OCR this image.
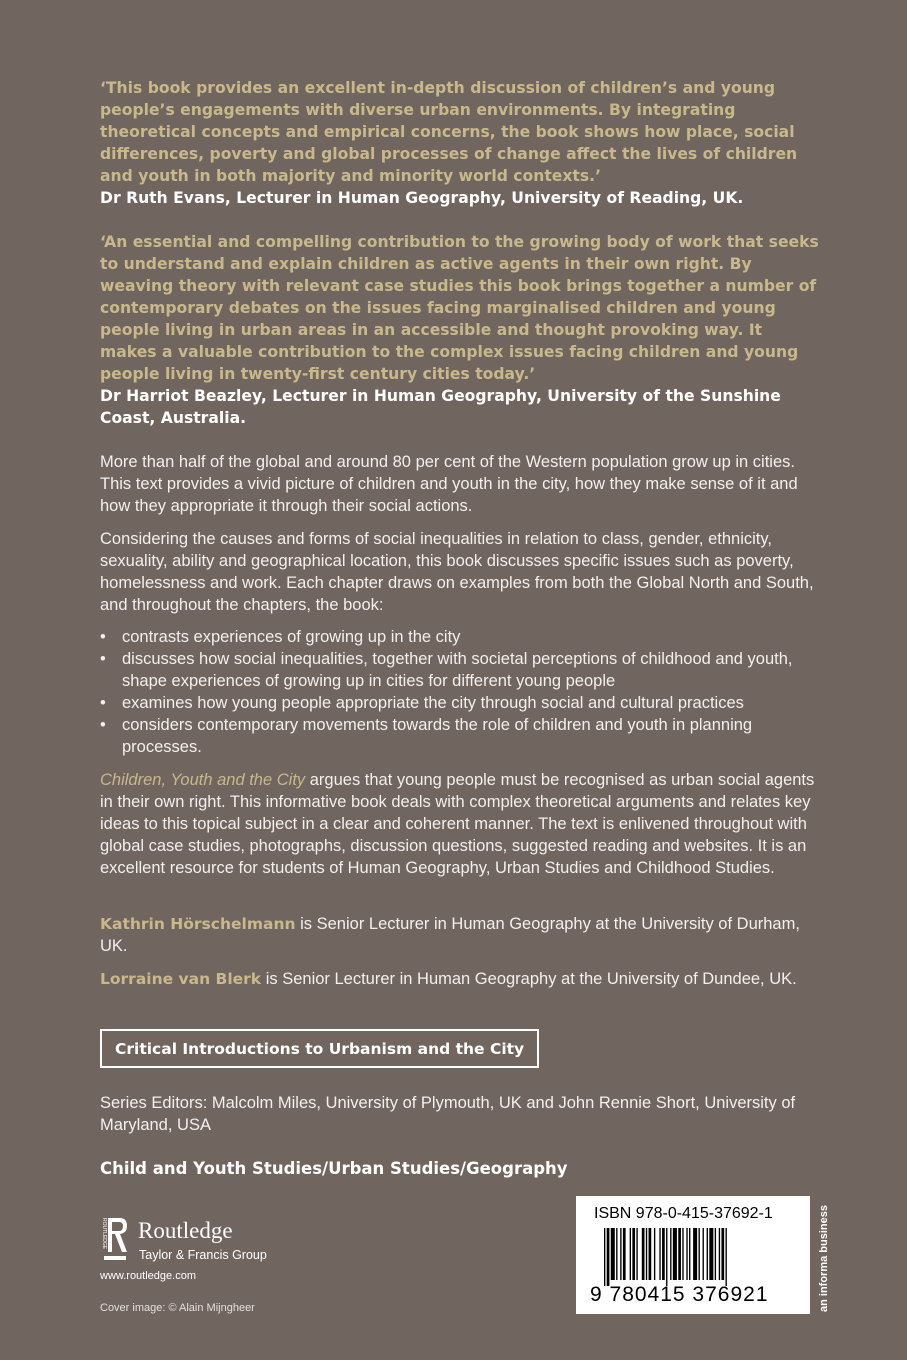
‘This book provides an excellent in-depth discussion of children’s and young people’s engagements with diverse urban environments. By integrating theoretical concepts and empirical concerns, the book shows how place, social differences, poverty and global processes of change affect the lives of children and youth in both majority and minority world contexts.’
Dr Ruth Evans, Lecturer in Human Geography, University of Reading, UK.
‘An essential and compelling contribution to the growing body of work that seeks to understand and explain children as active agents in their own right. By weaving theory with relevant case studies this book brings together a number of contemporary debates on the issues facing marginalised children and young people living in urban areas in an accessible and thought provoking way. It makes a valuable contribution to the complex issues facing children and young people living in twenty-first century cities today.’
Dr Harriot Beazley, Lecturer in Human Geography, University of the Sunshine Coast, Australia.
More than half of the global and around 80 per cent of the Western population grow up in cities. This text provides a vivid picture of children and youth in the city, how they make sense of it and how they appropriate it through their social actions.
Considering the causes and forms of social inequalities in relation to class, gender, ethnicity, sexuality, ability and geographical location, this book discusses specific issues such as poverty, homelessness and work. Each chapter draws on examples from both the Global North and South, and throughout the chapters, the book:
• contrasts experiences of growing up in the city
• discusses how social inequalities, together with societal perceptions of childhood and youth, shape experiences of growing up in cities for different young people
• examines how young people appropriate the city through social and cultural practices
• considers contemporary movements towards the role of children and youth in planning processes.
Children, Youth and the City argues that young people must be recognised as urban social agents in their own right. This informative book deals with complex theoretical arguments and relates key ideas to this topical subject in a clear and coherent manner. The text is enlivened throughout with global case studies, photographs, discussion questions, suggested reading and websites. It is an excellent resource for students of Human Geography, Urban Studies and Childhood Studies.
Kathrin Hörschelmann is Senior Lecturer in Human Geography at the University of Durham, UK.
Lorraine van Blerk is Senior Lecturer in Human Geography at the University of Dundee, UK.
Critical Introductions to Urbanism and the City
Series Editors: Malcolm Miles, University of Plymouth, UK and John Rennie Short, University of Maryland, USA
Child and Youth Studies/Urban Studies/Geography
ROUTLEDGE Routledge
Taylor & Francis Group
www.routledge.com
Cover image: © Alain Mijngheer
ISBN 978-0-415-37692-1
9 780415 376921	an informa business
